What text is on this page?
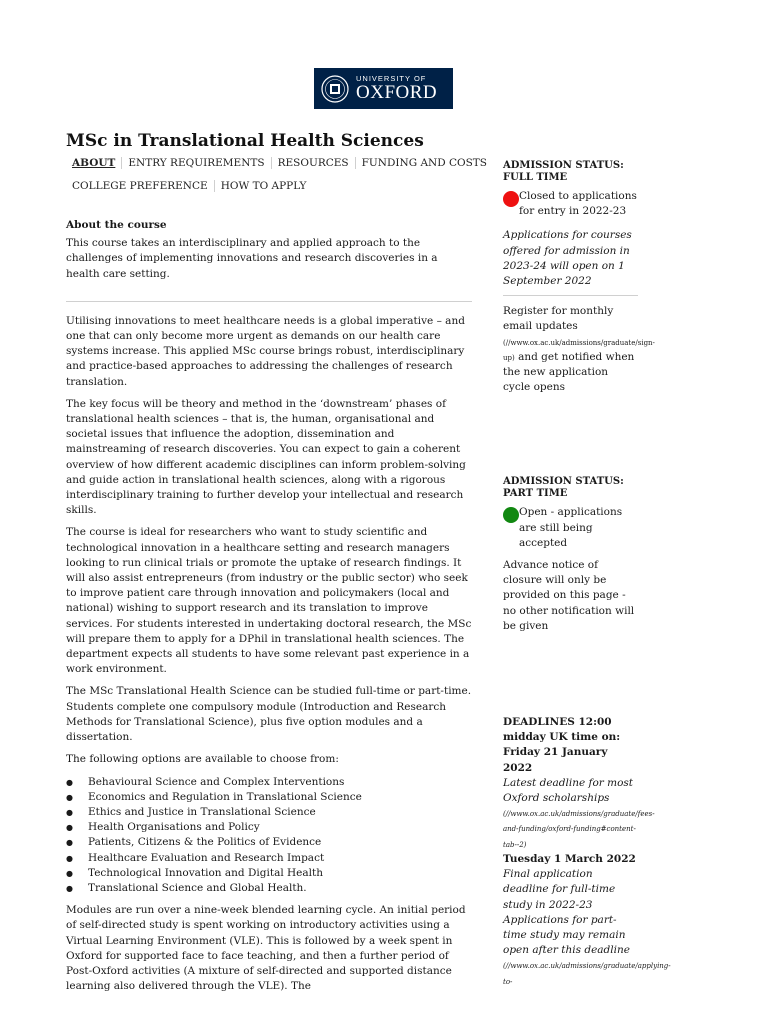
UNIVERSITY OF
OXFORD
MSc in Translational Health Sciences
ABOUT	ENTRY REQUIREMENTS	RESOURCES	FUNDING AND COSTS
COLLEGE PREFERENCE	HOW TO APPLY
About the course

This course takes an interdisciplinary and applied approach to the challenges of implementing innovations and research discoveries in a health care setting.

Utilising innovations to meet healthcare needs is a global imperative – and one that can only become more urgent as demands on our health care systems increase. This applied MSc course brings robust, interdisciplinary and practice-based approaches to addressing the challenges of research translation.

The key focus will be theory and method in the ‘downstream’ phases of translational health sciences – that is, the human, organisational and societal issues that influence the adoption, dissemination and mainstreaming of research discoveries. You can expect to gain a coherent overview of how different academic disciplines can inform problem-solving and guide action in translational health sciences, along with a rigorous interdisciplinary training to further develop your intellectual and research skills.

The course is ideal for researchers who want to study scientific and technological innovation in a healthcare setting and research managers looking to run clinical trials or promote the uptake of research findings. It will also assist entrepreneurs (from industry or the public sector) who seek to improve patient care through innovation and policymakers (local and national) wishing to support research and its translation to improve services. For students interested in undertaking doctoral research, the MSc will prepare them to apply for a DPhil in translational health sciences. The department expects all students to have some relevant past experience in a work environment.

The MSc Translational Health Science can be studied full-time or part-time. Students complete one compulsory module (Introduction and Research Methods for Translational Science), plus five option modules and a dissertation.

The following options are available to choose from:

● Behavioural Science and Complex Interventions
● Economics and Regulation in Translational Science
● Ethics and Justice in Translational Science
● Health Organisations and Policy
● Patients, Citizens & the Politics of Evidence
● Healthcare Evaluation and Research Impact
● Technological Innovation and Digital Health
● Translational Science and Global Health.

Modules are run over a nine-week blended learning cycle. An initial period of self-directed study is spent working on introductory activities using a Virtual Learning Environment (VLE). This is followed by a week spent in Oxford for supported face to face teaching, and then a further period of Post-Oxford activities (A mixture of self-directed and supported distance learning also delivered through the VLE). The

ADMISSION STATUS: FULL TIME

Closed to applications for entry in 2022-23

Applications for courses offered for admission in 2023-24 will open on 1 September 2022

Register for monthly email updates (//www.ox.ac.uk/admissions/graduate/sign-up) and get notified when the new application cycle opens

ADMISSION STATUS: PART TIME

Open - applications are still being accepted

Advance notice of closure will only be provided on this page - no other notification will be given

DEADLINES 12:00 midday UK time on:

Friday 21 January 2022

Latest deadline for most Oxford scholarships (//www.ox.ac.uk/admissions/graduate/fees-and-funding/oxford-funding#content-tab--2)

Tuesday 1 March 2022

Final application deadline for full-time study in 2022-23

Applications for part-time study may remain open after this deadline (//www.ox.ac.uk/admissions/graduate/applying-to-
